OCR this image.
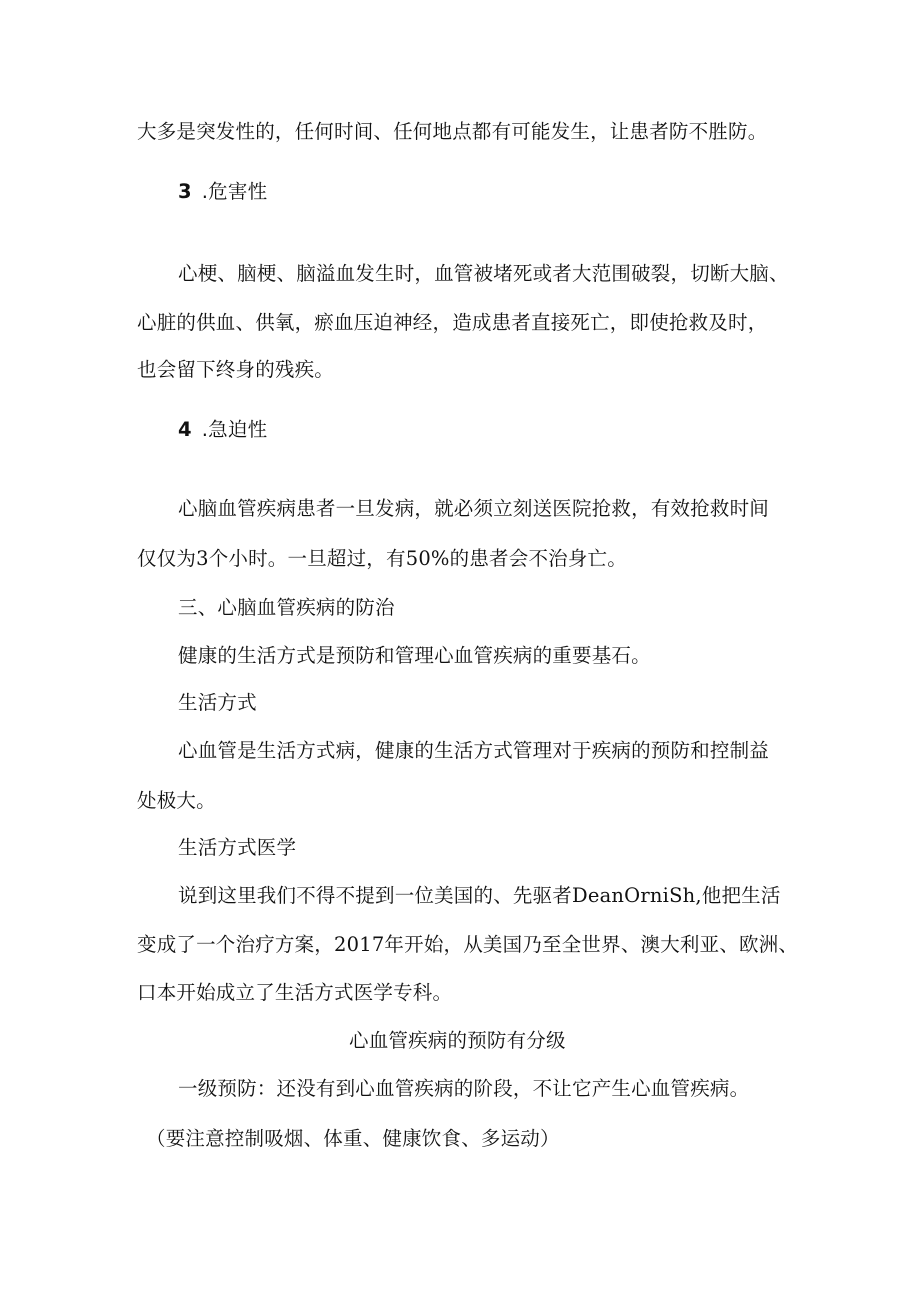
大多是突发性的，任何时间、任何地点都有可能发生，让患者防不胜防。
3 .危害性
心梗、脑梗、脑溢血发生时，血管被堵死或者大范围破裂，切断大脑、
心脏的供血、供氧，瘀血压迫神经，造成患者直接死亡，即使抢救及时，
也会留下终身的残疾。
4 .急迫性
心脑血管疾病患者一旦发病，就必须立刻送医院抢救，有效抢救时间
仅仅为3个小时。一旦超过，有50%的患者会不治身亡。
三、心脑血管疾病的防治
健康的生活方式是预防和管理心血管疾病的重要基石。
生活方式
心血管是生活方式病，健康的生活方式管理对于疾病的预防和控制益
处极大。
生活方式医学
说到这里我们不得不提到一位美国的、先驱者DeanOrniSh,他把生活
变成了一个治疗方案，2017年开始，从美国乃至全世界、澳大利亚、欧洲、
口本开始成立了生活方式医学专科。
心血管疾病的预防有分级
一级预防：还没有到心血管疾病的阶段，不让它产生心血管疾病。
（要注意控制吸烟、体重、健康饮食、多运动）
